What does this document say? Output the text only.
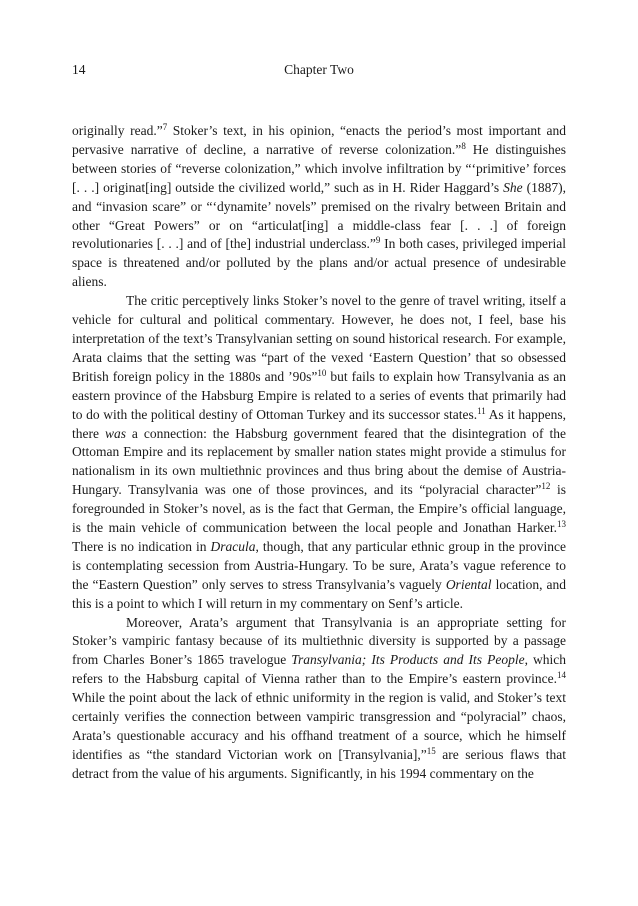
14	Chapter Two

originally read.”$^7$ Stoker’s text, in his opinion, “enacts the period’s most important and pervasive narrative of decline, a narrative of reverse colonization.”$^8$ He distinguishes between stories of “reverse colonization,” which involve infiltration by “‘primitive’ forces [. . .] originat[ing] outside the civilized world,” such as in H. Rider Haggard’s She (1887), and “invasion scare” or “‘dynamite’ novels” premised on the rivalry between Britain and other “Great Powers” or on “articulat[ing] a middle-class fear [. . .] of foreign revolutionaries [. . .] and of [the] industrial underclass.”$^9$ In both cases, privileged imperial space is threatened and/or polluted by the plans and/or actual presence of undesirable aliens.

The critic perceptively links Stoker’s novel to the genre of travel writing, itself a vehicle for cultural and political commentary. However, he does not, I feel, base his interpretation of the text’s Transylvanian setting on sound historical research. For example, Arata claims that the setting was “part of the vexed ‘Eastern Question’ that so obsessed British foreign policy in the 1880s and ’90s”$^{10}$ but fails to explain how Transylvania as an eastern province of the Habsburg Empire is related to a series of events that primarily had to do with the political destiny of Ottoman Turkey and its successor states.$^{11}$ As it happens, there was a connection: the Habsburg government feared that the disintegration of the Ottoman Empire and its replacement by smaller nation states might provide a stimulus for nationalism in its own multiethnic provinces and thus bring about the demise of Austria-Hungary. Transylvania was one of those provinces, and its “polyracial character”$^{12}$ is foregrounded in Stoker’s novel, as is the fact that German, the Empire’s official language, is the main vehicle of communication between the local people and Jonathan Harker.$^{13}$ There is no indication in Dracula, though, that any particular ethnic group in the province is contemplating secession from Austria-Hungary. To be sure, Arata’s vague reference to the “Eastern Question” only serves to stress Transylvania’s vaguely Oriental location, and this is a point to which I will return in my commentary on Senf’s article.

Moreover, Arata’s argument that Transylvania is an appropriate setting for Stoker’s vampiric fantasy because of its multiethnic diversity is supported by a passage from Charles Boner’s 1865 travelogue Transylvania; Its Products and Its People, which refers to the Habsburg capital of Vienna rather than to the Empire’s eastern province.$^{14}$ While the point about the lack of ethnic uniformity in the region is valid, and Stoker’s text certainly verifies the connection between vampiric transgression and “polyracial” chaos, Arata’s questionable accuracy and his offhand treatment of a source, which he himself identifies as “the standard Victorian work on [Transylvania],”$^{15}$ are serious flaws that detract from the value of his arguments. Significantly, in his 1994 commentary on the
